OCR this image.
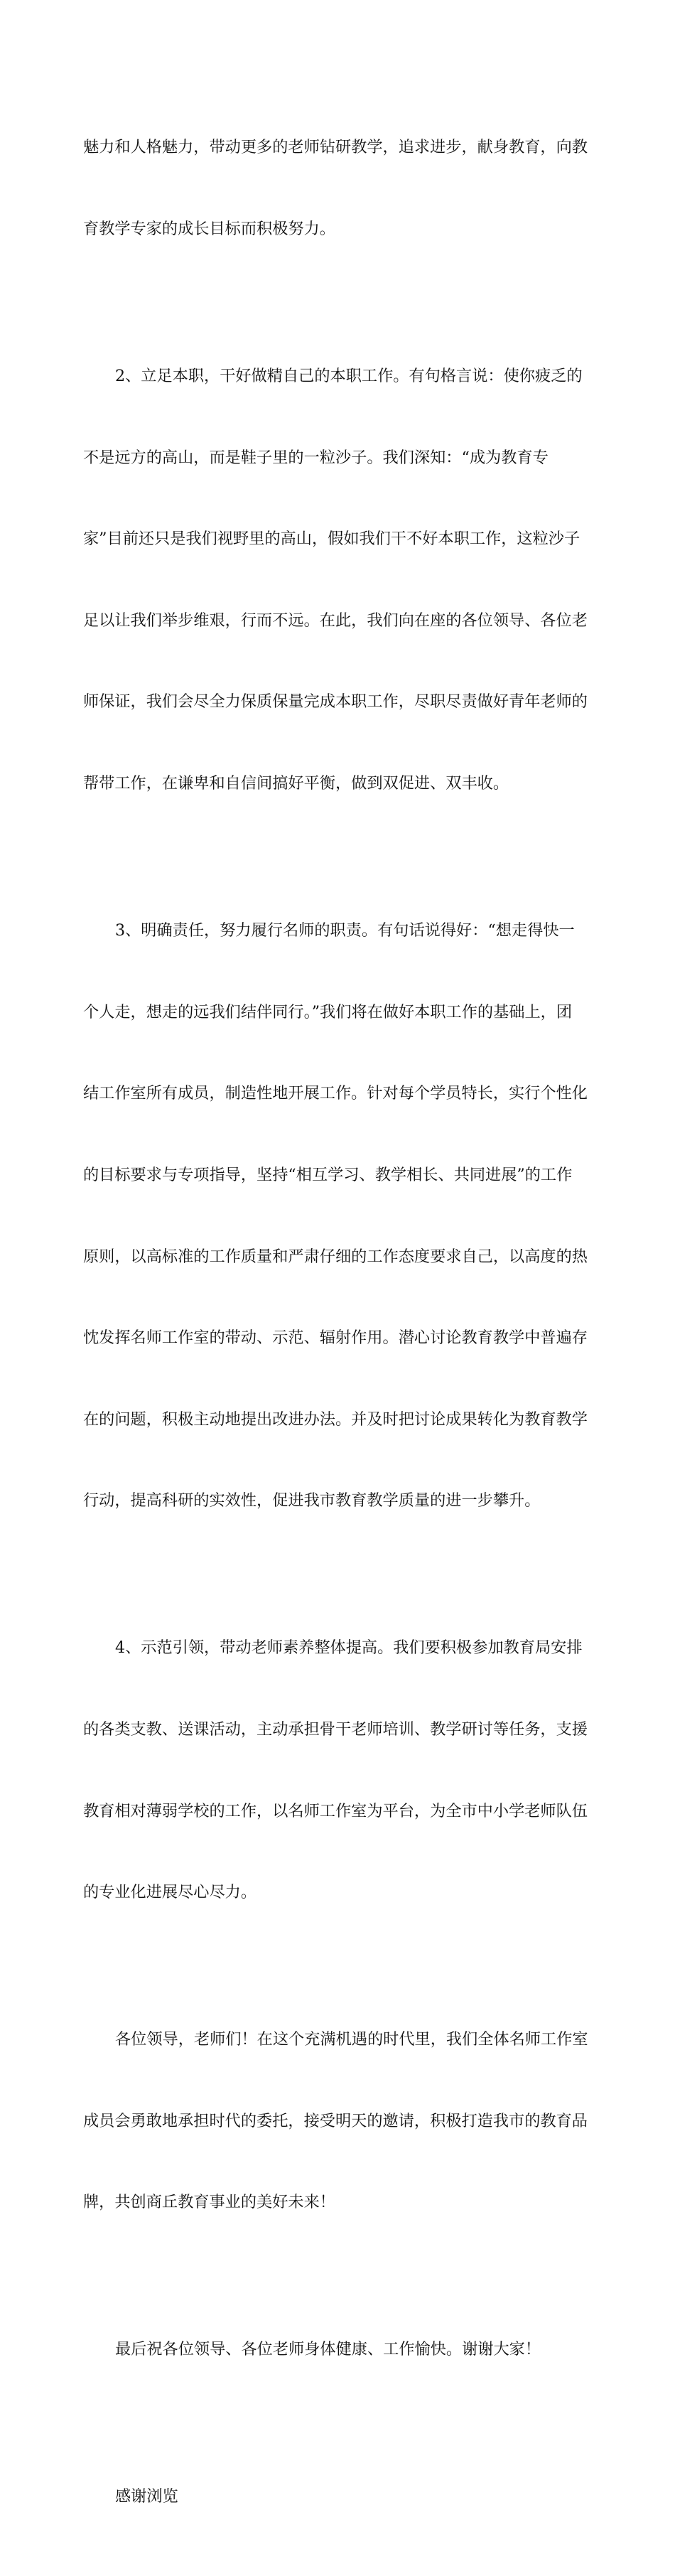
魅力和人格魅力，带动更多的老师钻研教学，追求进步，献身教育，向教

育教学专家的成长目标而积极努力。

2、立足本职，干好做精自己的本职工作。有句格言说：使你疲乏的

不是远方的高山，而是鞋子里的一粒沙子。我们深知：“成为教育专

家”目前还只是我们视野里的高山，假如我们干不好本职工作，这粒沙子

足以让我们举步维艰，行而不远。在此，我们向在座的各位领导、各位老

师保证，我们会尽全力保质保量完成本职工作，尽职尽责做好青年老师的

帮带工作，在谦卑和自信间搞好平衡，做到双促进、双丰收。

3、明确责任，努力履行名师的职责。有句话说得好：“想走得快一

个人走，想走的远我们结伴同行。”我们将在做好本职工作的基础上，团

结工作室所有成员，制造性地开展工作。针对每个学员特长，实行个性化

的目标要求与专项指导，坚持“相互学习、教学相长、共同进展”的工作

原则，以高标准的工作质量和严肃仔细的工作态度要求自己，以高度的热

忱发挥名师工作室的带动、示范、辐射作用。潜心讨论教育教学中普遍存

在的问题，积极主动地提出改进办法。并及时把讨论成果转化为教育教学

行动，提高科研的实效性，促进我市教育教学质量的进一步攀升。

4、示范引领，带动老师素养整体提高。我们要积极参加教育局安排

的各类支教、送课活动，主动承担骨干老师培训、教学研讨等任务，支援

教育相对薄弱学校的工作，以名师工作室为平台，为全市中小学老师队伍

的专业化进展尽心尽力。

各位领导，老师们！在这个充满机遇的时代里，我们全体名师工作室

成员会勇敢地承担时代的委托，接受明天的邀请，积极打造我市的教育品

牌，共创商丘教育事业的美好未来！

最后祝各位领导、各位老师身体健康、工作愉快。谢谢大家！

感谢浏览
